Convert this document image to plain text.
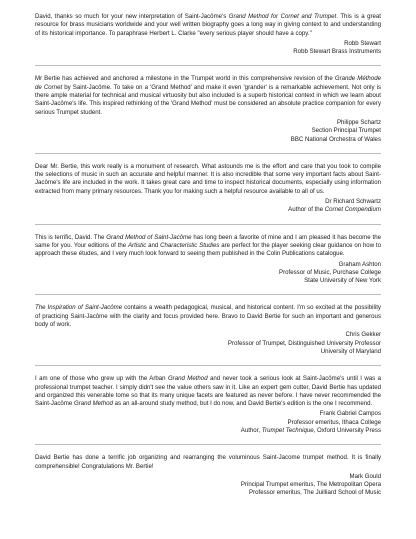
David, thanks so much for your new interpretation of Saint-Jacôme's Grand Method for Cornet and Trumpet. This is a great resource for brass musicians worldwide and your well written biography goes a long way in giving context to and understanding of its historical importance. To paraphrase Herbert L. Clarke "every serious player should have a copy."

Robb Stewart
Robb Stewart Brass Instruments

Mr Bertie has achieved and anchored a milestone in the Trumpet world in this comprehensive revision of the Grande Méthode de Cornet by Saint-Jacôme. To take on a 'Grand Method' and make it even 'grander' is a remarkable achievement. Not only is there ample material for technical and musical virtuosity but also included is a superb historical context in which we learn about Saint-Jacôme's life. This inspired rethinking of the 'Grand Method' must be considered an absolute practice companion for every serious Trumpet student.

Philippe Schartz
Section Principal Trumpet
BBC National Orchestra of Wales

Dear Mr. Bertie, this work really is a monument of research. What astounds me is the effort and care that you took to compile the selections of music in such an accurate and helpful manner. It is also incredible that some very important facts about Saint-Jacôme's life are included in the work. It takes great care and time to inspect historical documents, especially using information extracted from many primary resources. Thank you for making such a helpful resource available to all of us.

Dr Richard Schwartz
Author of the Cornet Compendium

This is terrific, David. The Grand Method of Saint-Jacôme has long been a favorite of mine and I am pleased it has become the same for you. Your editions of the Artistic and Characteristic Studies are perfect for the player seeking clear guidance on how to approach these études, and I very much look forward to seeing them published in the Colin Publications catalogue.

Graham Ashton
Professor of Music, Purchase College
State University of New York

The Inspiration of Saint-Jacôme contains a wealth pedagogical, musical, and historical content. I'm so excited at the possibility of practicing Saint-Jacôme with the clarity and focus provided here. Bravo to David Bertie for such an important and generous body of work.

Chris Gekker
Professor of Trumpet, Distinguished University Professor
University of Maryland

I am one of those who grew up with the Arban Grand Method and never took a serious look at Saint-Jacôme's until I was a professional trumpet teacher. I simply didn't see the value others saw in it. Like an expert gem cutter, David Bertie has updated and organized this venerable tome so that its many unique facets are featured as never before. I have never recommended the Saint-Jacôme Grand Method as an all-around study method, but I do now, and David Bertie's edition is the one I recommend.

Frank Gabriel Campos
Professor emeritus, Ithaca College
Author, Trumpet Technique, Oxford University Press

David Bertie has done a terrific job organizing and rearranging the voluminous Saint-Jacome trumpet method. It is finally comprehensible! Congratulations Mr. Bertie!

Mark Gould
Principal Trumpet emeritus, The Metropolitan Opera
Professor emeritus, The Juilliard School of Music
